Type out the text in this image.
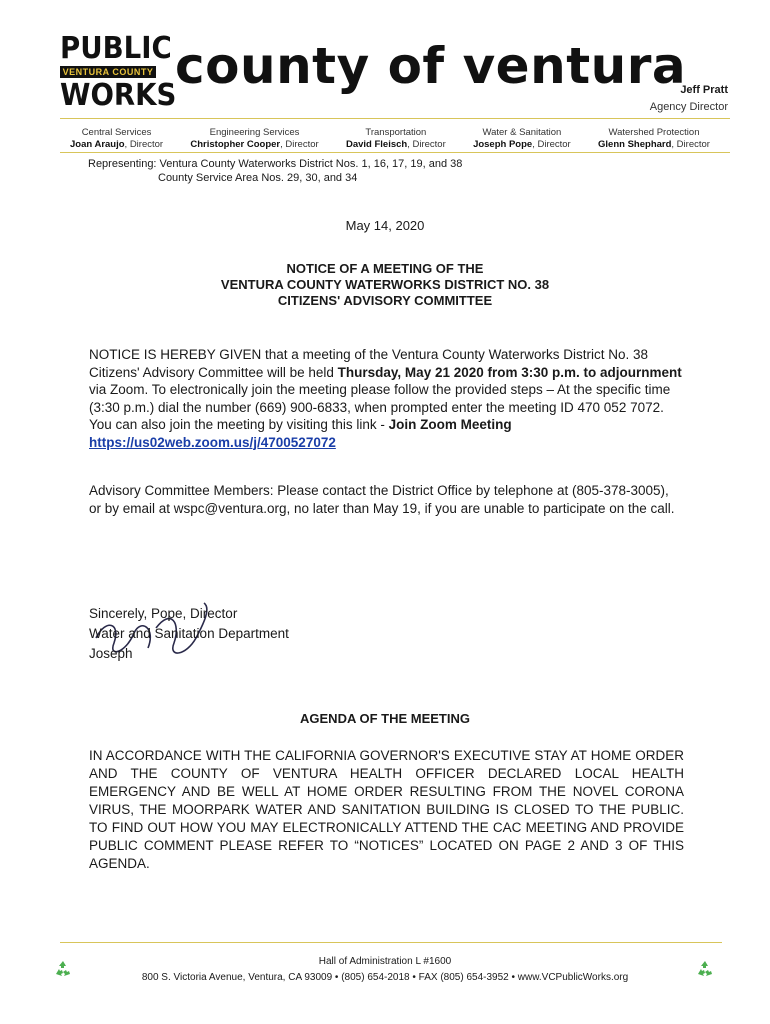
PUBLIC
VENTURA COUNTY
WORKS
county of ventura
Jeff Pratt
Agency Director
Central Services
Joan Araujo, Director
Engineering Services
Christopher Cooper, Director
Transportation
David Fleisch, Director
Water & Sanitation
Joseph Pope, Director
Watershed Protection
Glenn Shephard, Director
Representing: Ventura County Waterworks District Nos. 1, 16, 17, 19, and 38
County Service Area Nos. 29, 30, and 34
May 14, 2020
NOTICE OF A MEETING OF THE
VENTURA COUNTY WATERWORKS DISTRICT NO. 38
CITIZENS' ADVISORY COMMITTEE
NOTICE IS HEREBY GIVEN that a meeting of the Ventura County Waterworks District No. 38 Citizens' Advisory Committee will be held Thursday, May 21 2020 from 3:30 p.m. to adjournment via Zoom. To electronically join the meeting please follow the provided steps – At the specific time (3:30 p.m.) dial the number (669) 900-6833, when prompted enter the meeting ID 470 052 7072. You can also join the meeting by visiting this link - Join Zoom Meeting https://us02web.zoom.us/j/4700527072
Advisory Committee Members: Please contact the District Office by telephone at (805-378-3005), or by email at wspc@ventura.org, no later than May 19, if you are unable to participate on the call.
Sincerely, Pope, Director
Water and Sanitation Department
Joseph
AGENDA OF THE MEETING
IN ACCORDANCE WITH THE CALIFORNIA GOVERNOR'S EXECUTIVE STAY AT HOME ORDER AND THE COUNTY OF VENTURA HEALTH OFFICER DECLARED LOCAL HEALTH EMERGENCY AND BE WELL AT HOME ORDER RESULTING FROM THE NOVEL CORONA VIRUS, THE MOORPARK WATER AND SANITATION BUILDING IS CLOSED TO THE PUBLIC. TO FIND OUT HOW YOU MAY ELECTRONICALLY ATTEND THE CAC MEETING AND PROVIDE PUBLIC COMMENT PLEASE REFER TO “NOTICES” LOCATED ON PAGE 2 AND 3 OF THIS AGENDA.
Hall of Administration L #1600
800 S. Victoria Avenue, Ventura, CA 93009 • (805) 654-2018 • FAX (805) 654-3952 • www.VCPublicWorks.org
